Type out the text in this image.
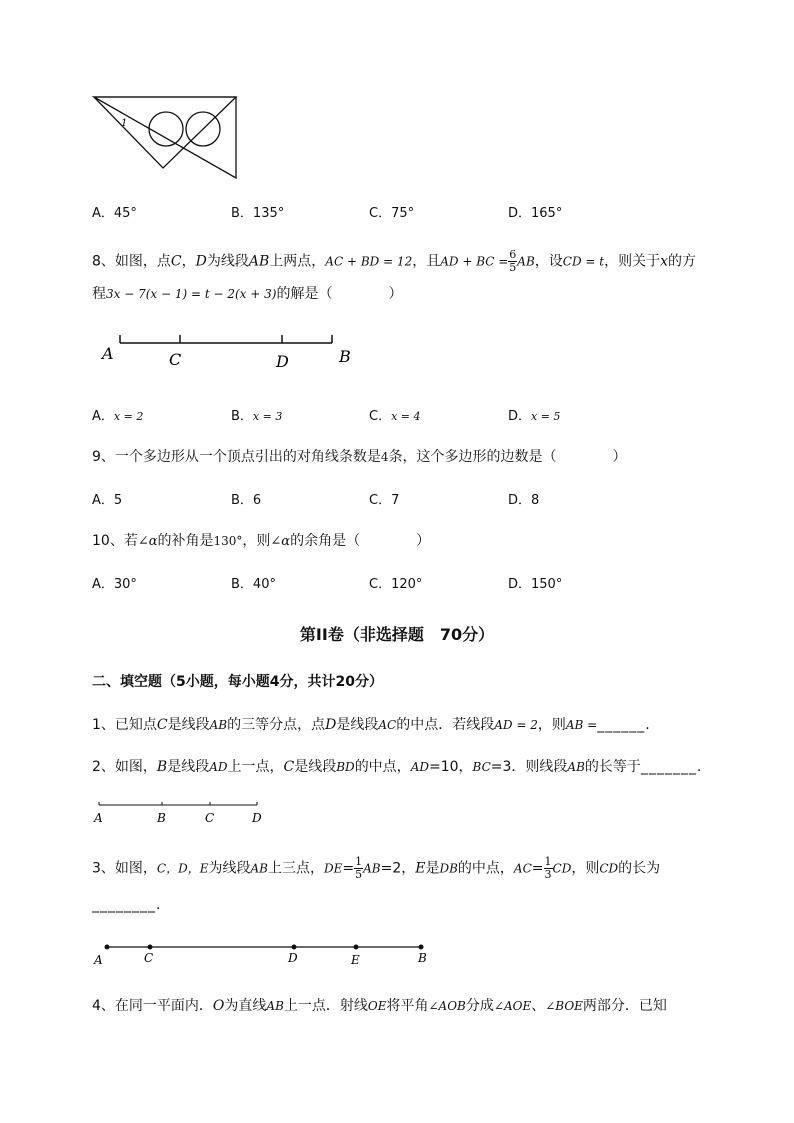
1
A．45°	B．135°	C．75°	D．165°
8、如图，点C，D为线段AB上两点，AC + BD = 12，且AD + BC = $\frac{6}{5}$ AB，设CD = t，则关于x的方
程3x − 7(x − 1) = t − 2(x + 3)的解是（　　　　）
A	C	D	B
A．x = 2	B．x = 3	C．x = 4	D．x = 5
9、一个多边形从一个顶点引出的对角线条数是4条，这个多边形的边数是（　　　　）
A．5	B．6	C．7	D．8
10、若∠α的补角是130°，则∠α的余角是（　　　　）
A．30°	B．40°	C．120°	D．150°
第II卷（非选择题　70分）
二、填空题（5小题，每小题4分，共计20分）
1、已知点C是线段AB的三等分点，点D是线段AC的中点．若线段AD = 2，则AB =______.
2、如图，B是线段AD上一点，C是线段BD的中点，AD=10，BC=3．则线段AB的长等于_______.
A	B	C	D
3、如图，C，D，E为线段AB上三点，$DE= \frac{1}{5} AB=2$，E是DB的中点，$AC= \frac{1}{3}$ CD，则CD的长为
________.
A	C	D	E	B
4、在同一平面内．O为直线AB上一点．射线OE将平角∠AOB分成∠AOE、∠BOE两部分．已知
